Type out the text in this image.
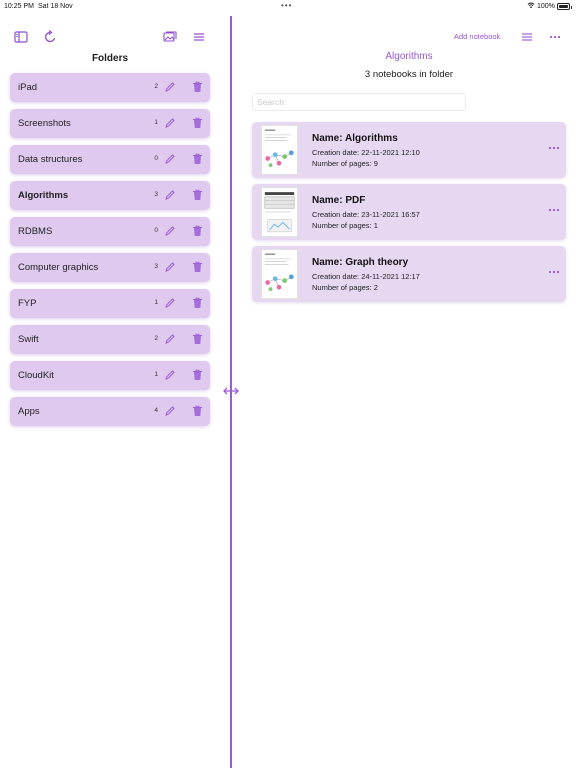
10:25 PM Sat 18 Nov	•••	100%
Folders
iPad	2
Screenshots	1
Data structures	0
Algorithms	3
RDBMS	0
Computer graphics	3
FYP	1
Swift	2
CloudKit	1
Apps	4
Add notebook
Algorithms
3 notebooks in folder
Search:
Name: Algorithms
Creation date: 22-11-2021 12:10
Number of pages: 9
Name: PDF
Creation date: 23-11-2021 16:57
Number of pages: 1
Name: Graph theory
Creation date: 24-11-2021 12:17
Number of pages: 2
